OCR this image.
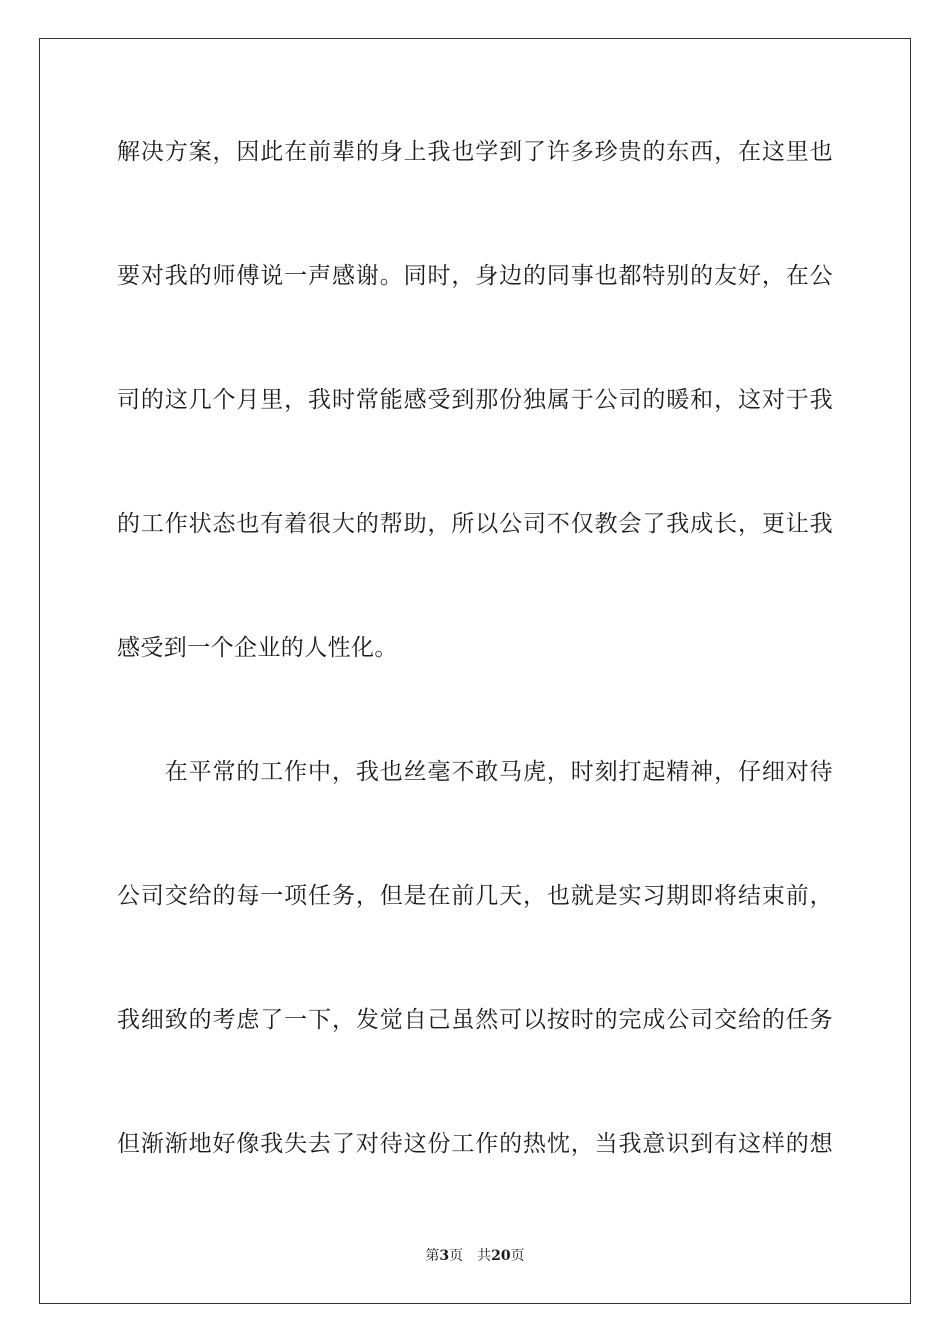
解决方案，因此在前辈的身上我也学到了许多珍贵的东西，在这里也
要对我的师傅说一声感谢。同时，身边的同事也都特别的友好，在公
司的这几个月里，我时常能感受到那份独属于公司的暖和，这对于我
的工作状态也有着很大的帮助，所以公司不仅教会了我成长，更让我
感受到一个企业的人性化。
　　在平常的工作中，我也丝毫不敢马虎，时刻打起精神，仔细对待
公司交给的每一项任务，但是在前几天，也就是实习期即将结束前，
我细致的考虑了一下，发觉自己虽然可以按时的完成公司交给的任务
但渐渐地好像我失去了对待这份工作的热忱，当我意识到有这样的想
第3页 共20页
